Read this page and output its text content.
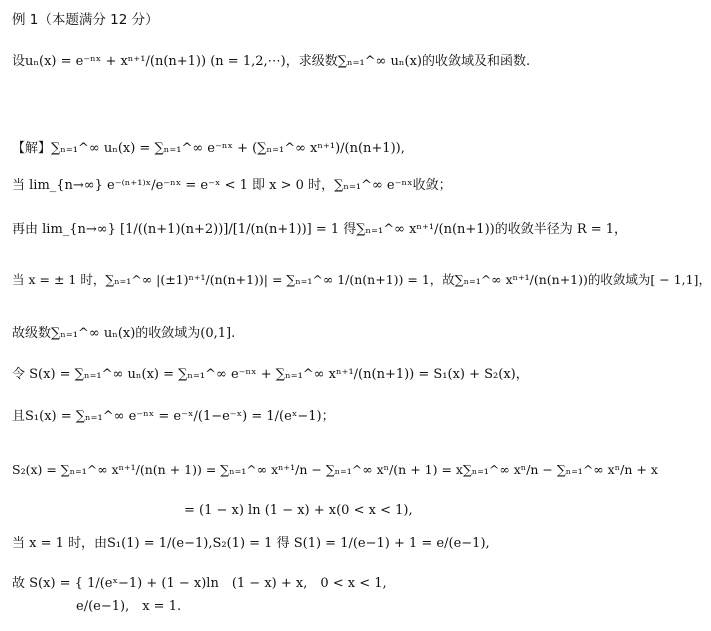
例 1（本题满分 12 分）
设uₙ(x) = e⁻ⁿˣ + xⁿ⁺¹/(n(n+1)) (n = 1,2,⋯)，求级数∑ₙ₌₁^∞ uₙ(x)的收敛域及和函数.
【解】∑ₙ₌₁^∞ uₙ(x) = ∑ₙ₌₁^∞ e⁻ⁿˣ + (∑ₙ₌₁^∞ xⁿ⁺¹)/(n(n+1)),
当 lim_{n→∞} e⁻⁽ⁿ⁺¹⁾ˣ/e⁻ⁿˣ = e⁻ˣ < 1 即 x > 0 时，∑ₙ₌₁^∞ e⁻ⁿˣ收敛；
再由 lim_{n→∞} [1/((n+1)(n+2))]/[1/(n(n+1))] = 1 得∑ₙ₌₁^∞ xⁿ⁺¹/(n(n+1))的收敛半径为 R = 1，
当 x = ± 1 时，∑ₙ₌₁^∞ |(±1)ⁿ⁺¹/(n(n+1))| = ∑ₙ₌₁^∞ 1/(n(n+1)) = 1，故∑ₙ₌₁^∞ xⁿ⁺¹/(n(n+1))的收敛域为[ − 1,1]，
故级数∑ₙ₌₁^∞ uₙ(x)的收敛域为(0,1].
令 S(x) = ∑ₙ₌₁^∞ uₙ(x) = ∑ₙ₌₁^∞ e⁻ⁿˣ + ∑ₙ₌₁^∞ xⁿ⁺¹/(n(n+1)) = S₁(x) + S₂(x)，
且S₁(x) = ∑ₙ₌₁^∞ e⁻ⁿˣ = e⁻ˣ/(1−e⁻ˣ) = 1/(eˣ−1)；
S₂(x) = ∑ₙ₌₁^∞ xⁿ⁺¹/(n(n + 1)) = ∑ₙ₌₁^∞ xⁿ⁺¹/n − ∑ₙ₌₁^∞ xⁿ/(n + 1) = x∑ₙ₌₁^∞ xⁿ/n − ∑ₙ₌₁^∞ xⁿ/n + x
= (1 − x) ln (1 − x) + x(0 < x < 1),
当 x = 1 时，由S₁(1) = 1/(e−1),S₂(1) = 1 得 S(1) = 1/(e−1) + 1 = e/(e−1),
故 S(x) = { 1/(eˣ−1) + (1 − x)ln　(1 − x) + x,　0 < x < 1,
e/(e−1),　x = 1.
